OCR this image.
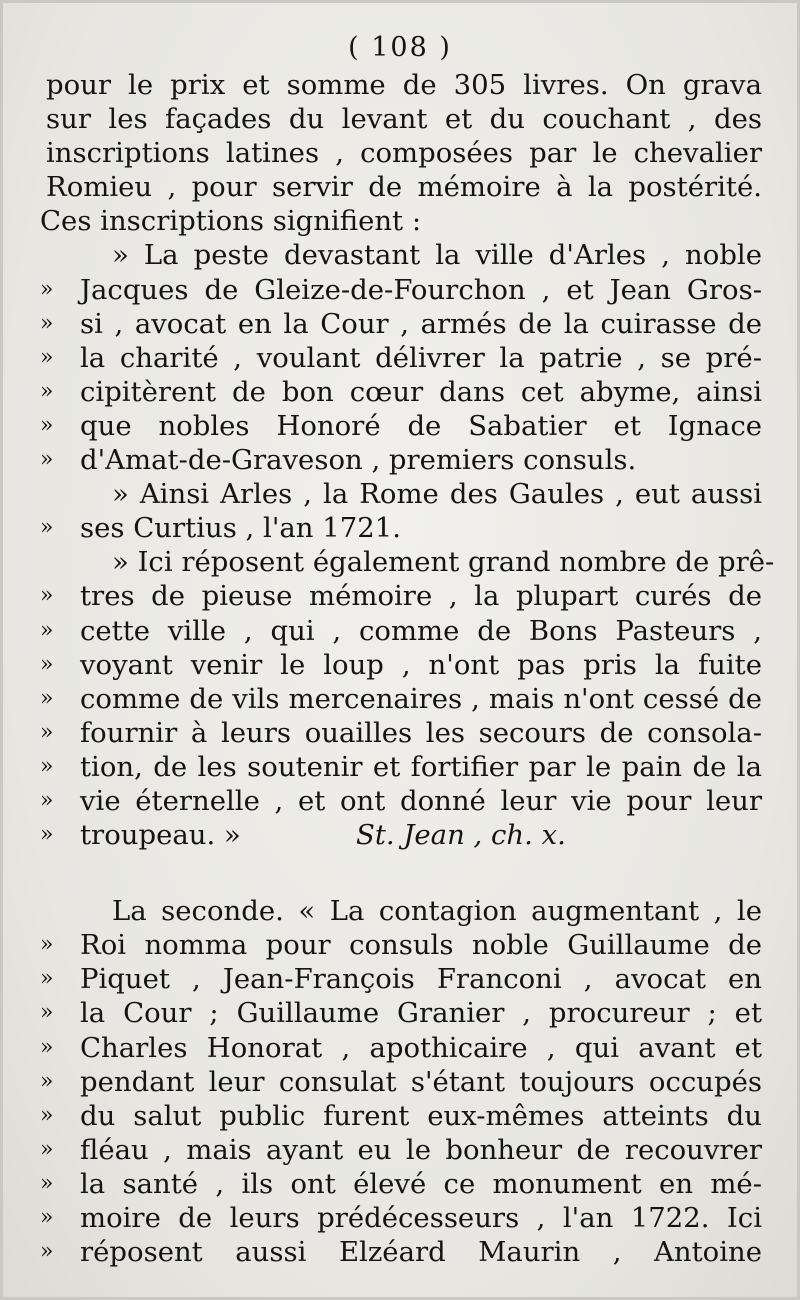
( 108 )
pour le prix et somme de 305 livres. On grava
sur les façades du levant et du couchant , des
inscriptions latines , composées par le chevalier
Romieu , pour servir de mémoire à la postérité.
Ces inscriptions signifient :
» La peste devastant la ville d'Arles , noble
» Jacques de Gleize-de-Fourchon , et Jean Gros-
» si , avocat en la Cour , armés de la cuirasse de
» la charité , voulant délivrer la patrie , se pré-
» cipitèrent de bon cœur dans cet abyme, ainsi
» que nobles Honoré de Sabatier et Ignace
» d'Amat-de-Graveson , premiers consuls.
» Ainsi Arles , la Rome des Gaules , eut aussi
» ses Curtius , l'an 1721.
» Ici réposent également grand nombre de prê-
» tres de pieuse mémoire , la plupart curés de
» cette ville , qui , comme de Bons Pasteurs ,
» voyant venir le loup , n'ont pas pris la fuite
» comme de vils mercenaires , mais n'ont cessé de
» fournir à leurs ouailles les secours de consola-
» tion, de les soutenir et fortifier par le pain de la
» vie éternelle , et ont donné leur vie pour leur
» troupeau. »	St. Jean , ch. x.
La seconde. « La contagion augmentant , le
» Roi nomma pour consuls noble Guillaume de
» Piquet , Jean-François Franconi , avocat en
» la Cour ; Guillaume Granier , procureur ; et
» Charles Honorat , apothicaire , qui avant et
» pendant leur consulat s'étant toujours occupés
» du salut public furent eux-mêmes atteints du
» fléau , mais ayant eu le bonheur de recouvrer
» la santé , ils ont élevé ce monument en mé-
» moire de leurs prédécesseurs , l'an 1722. Ici
» réposent aussi Elzéard Maurin , Antoine
